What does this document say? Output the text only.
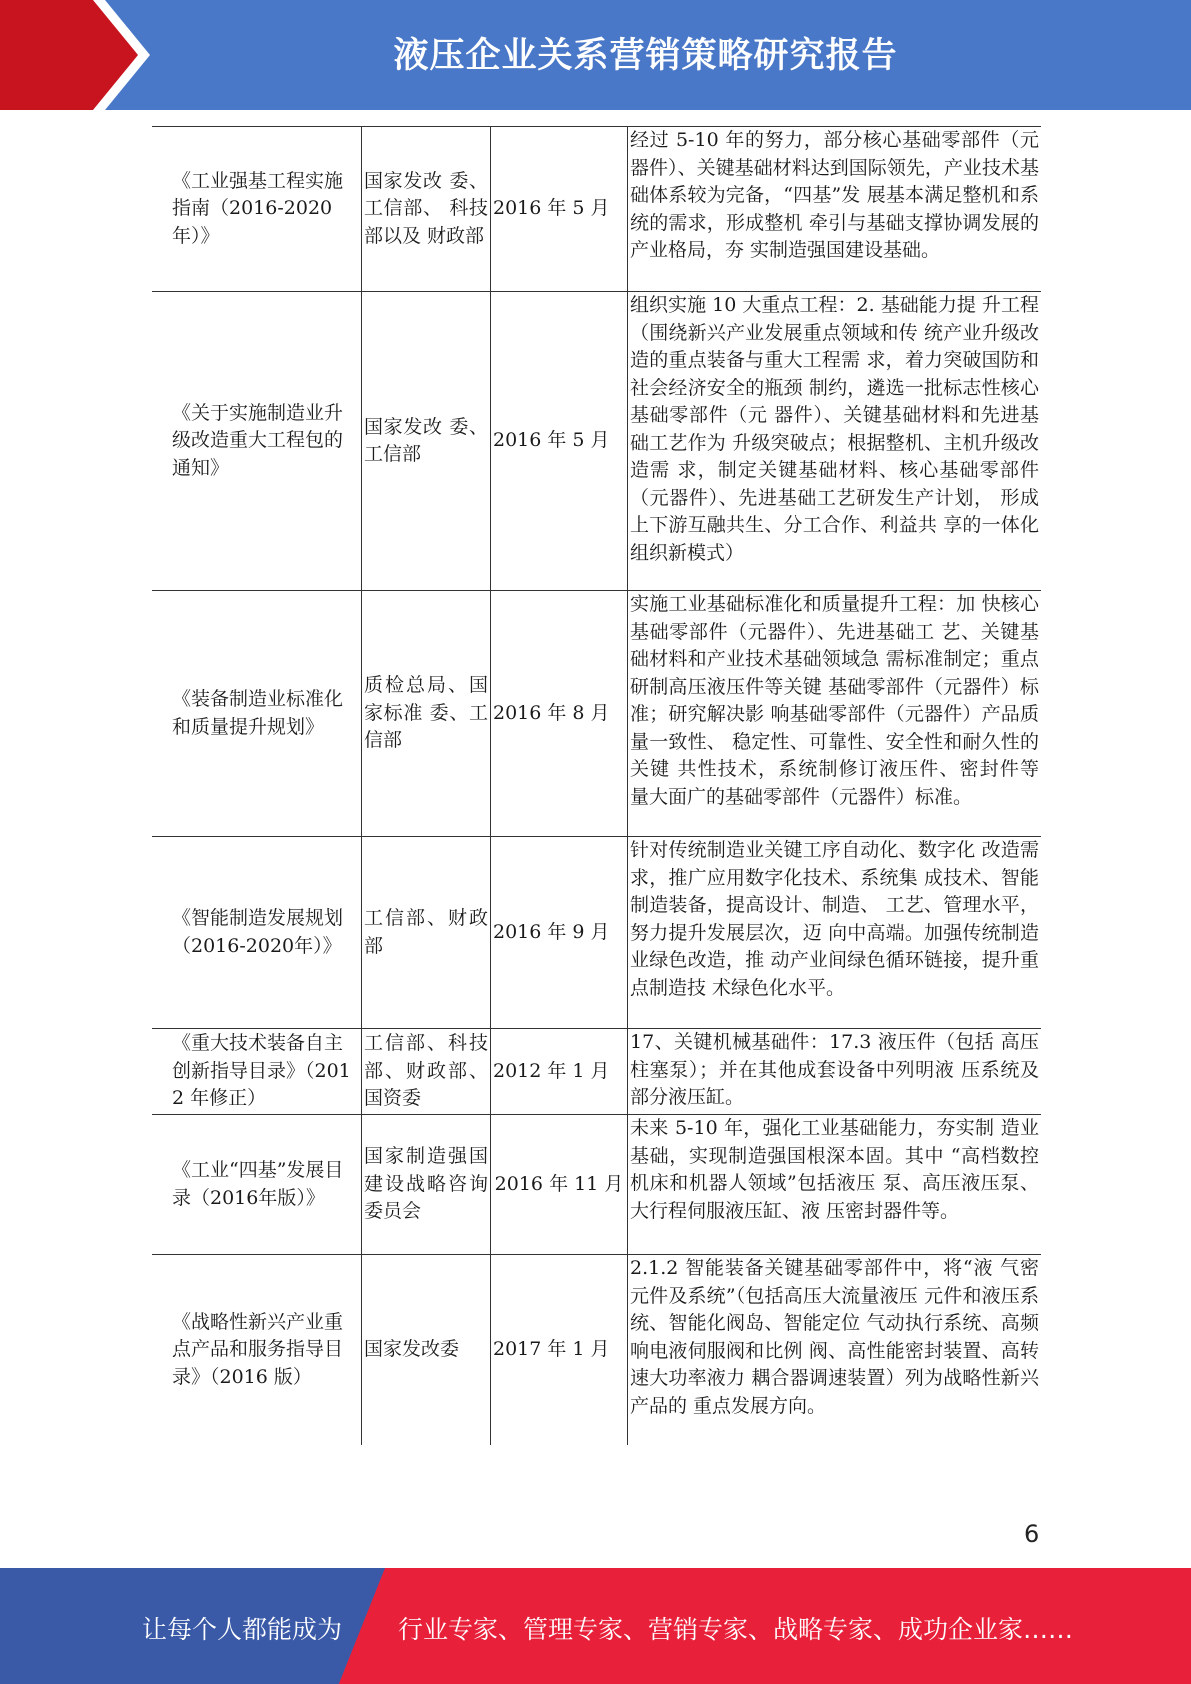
液压企业关系营销策略研究报告
《工业强基工程实施指南（2016-2020年）》	国家发改 委、工信部、 科技部以及 财政部	2016 年 5 月	经过 5-10 年的努力，部分核心基础零部件（元器件）、关键基础材料达到国际领先，产业技术基础体系较为完备，“四基”发 展基本满足整机和系统的需求，形成整机 牵引与基础支撑协调发展的产业格局，夯 实制造强国建设基础。
《关于实施制造业升级改造重大工程包的通知》	国家发改 委、工信部	2016 年 5 月	组织实施 10 大重点工程：2. 基础能力提 升工程（围绕新兴产业发展重点领域和传 统产业升级改造的重点装备与重大工程需 求，着力突破国防和社会经济安全的瓶颈 制约，遴选一批标志性核心基础零部件（元 器件）、关键基础材料和先进基础工艺作为 升级突破点；根据整机、主机升级改造需 求，制定关键基础材料、核心基础零部件 （元器件）、先进基础工艺研发生产计划， 形成上下游互融共生、分工合作、利益共 享的一体化组织新模式）
《装备制造业标准化和质量提升规划》	质检总局、国家标准 委、工信部	2016 年 8 月	实施工业基础标准化和质量提升工程：加 快核心基础零部件（元器件）、先进基础工 艺、关键基础材料和产业技术基础领域急 需标准制定；重点研制高压液压件等关键 基础零部件（元器件）标准；研究解决影 响基础零部件（元器件）产品质量一致性、 稳定性、可靠性、安全性和耐久性的关键 共性技术，系统制修订液压件、密封件等 量大面广的基础零部件（元器件）标准。
《智能制造发展规划（2016-2020年）》	工信部、财政部	2016 年 9 月	针对传统制造业关键工序自动化、数字化 改造需求，推广应用数字化技术、系统集 成技术、智能制造装备，提高设计、制造、 工艺、管理水平，努力提升发展层次，迈 向中高端。加强传统制造业绿色改造，推 动产业间绿色循环链接，提升重点制造技 术绿色化水平。
《重大技术装备自主创新指导目录》（2012 年修正）	工信部、科技部、财政部、国资委	2012 年 1 月	17、关键机械基础件：17.3 液压件（包括 高压柱塞泵）；并在其他成套设备中列明液 压系统及部分液压缸。
《工业“四基”发展目录（2016年版）》	国家制造强国建设战略咨询委员会	2016 年 11 月	未来 5-10 年，强化工业基础能力，夯实制 造业基础，实现制造强国根深本固。其中 “高档数控机床和机器人领域”包括液压 泵、高压液压泵、大行程伺服液压缸、液 压密封器件等。
《战略性新兴产业重点产品和服务指导目录》（2016 版）	国家发改委	2017 年 1 月	2.1.2 智能装备关键基础零部件中，将“液 气密元件及系统”（包括高压大流量液压 元件和液压系统、智能化阀岛、智能定位 气动执行系统、高频响电液伺服阀和比例 阀、高性能密封装置、高转速大功率液力 耦合器调速装置）列为战略性新兴产品的 重点发展方向。
6
让每个人都能成为 行业专家、管理专家、营销专家、战略专家、成功企业家……
